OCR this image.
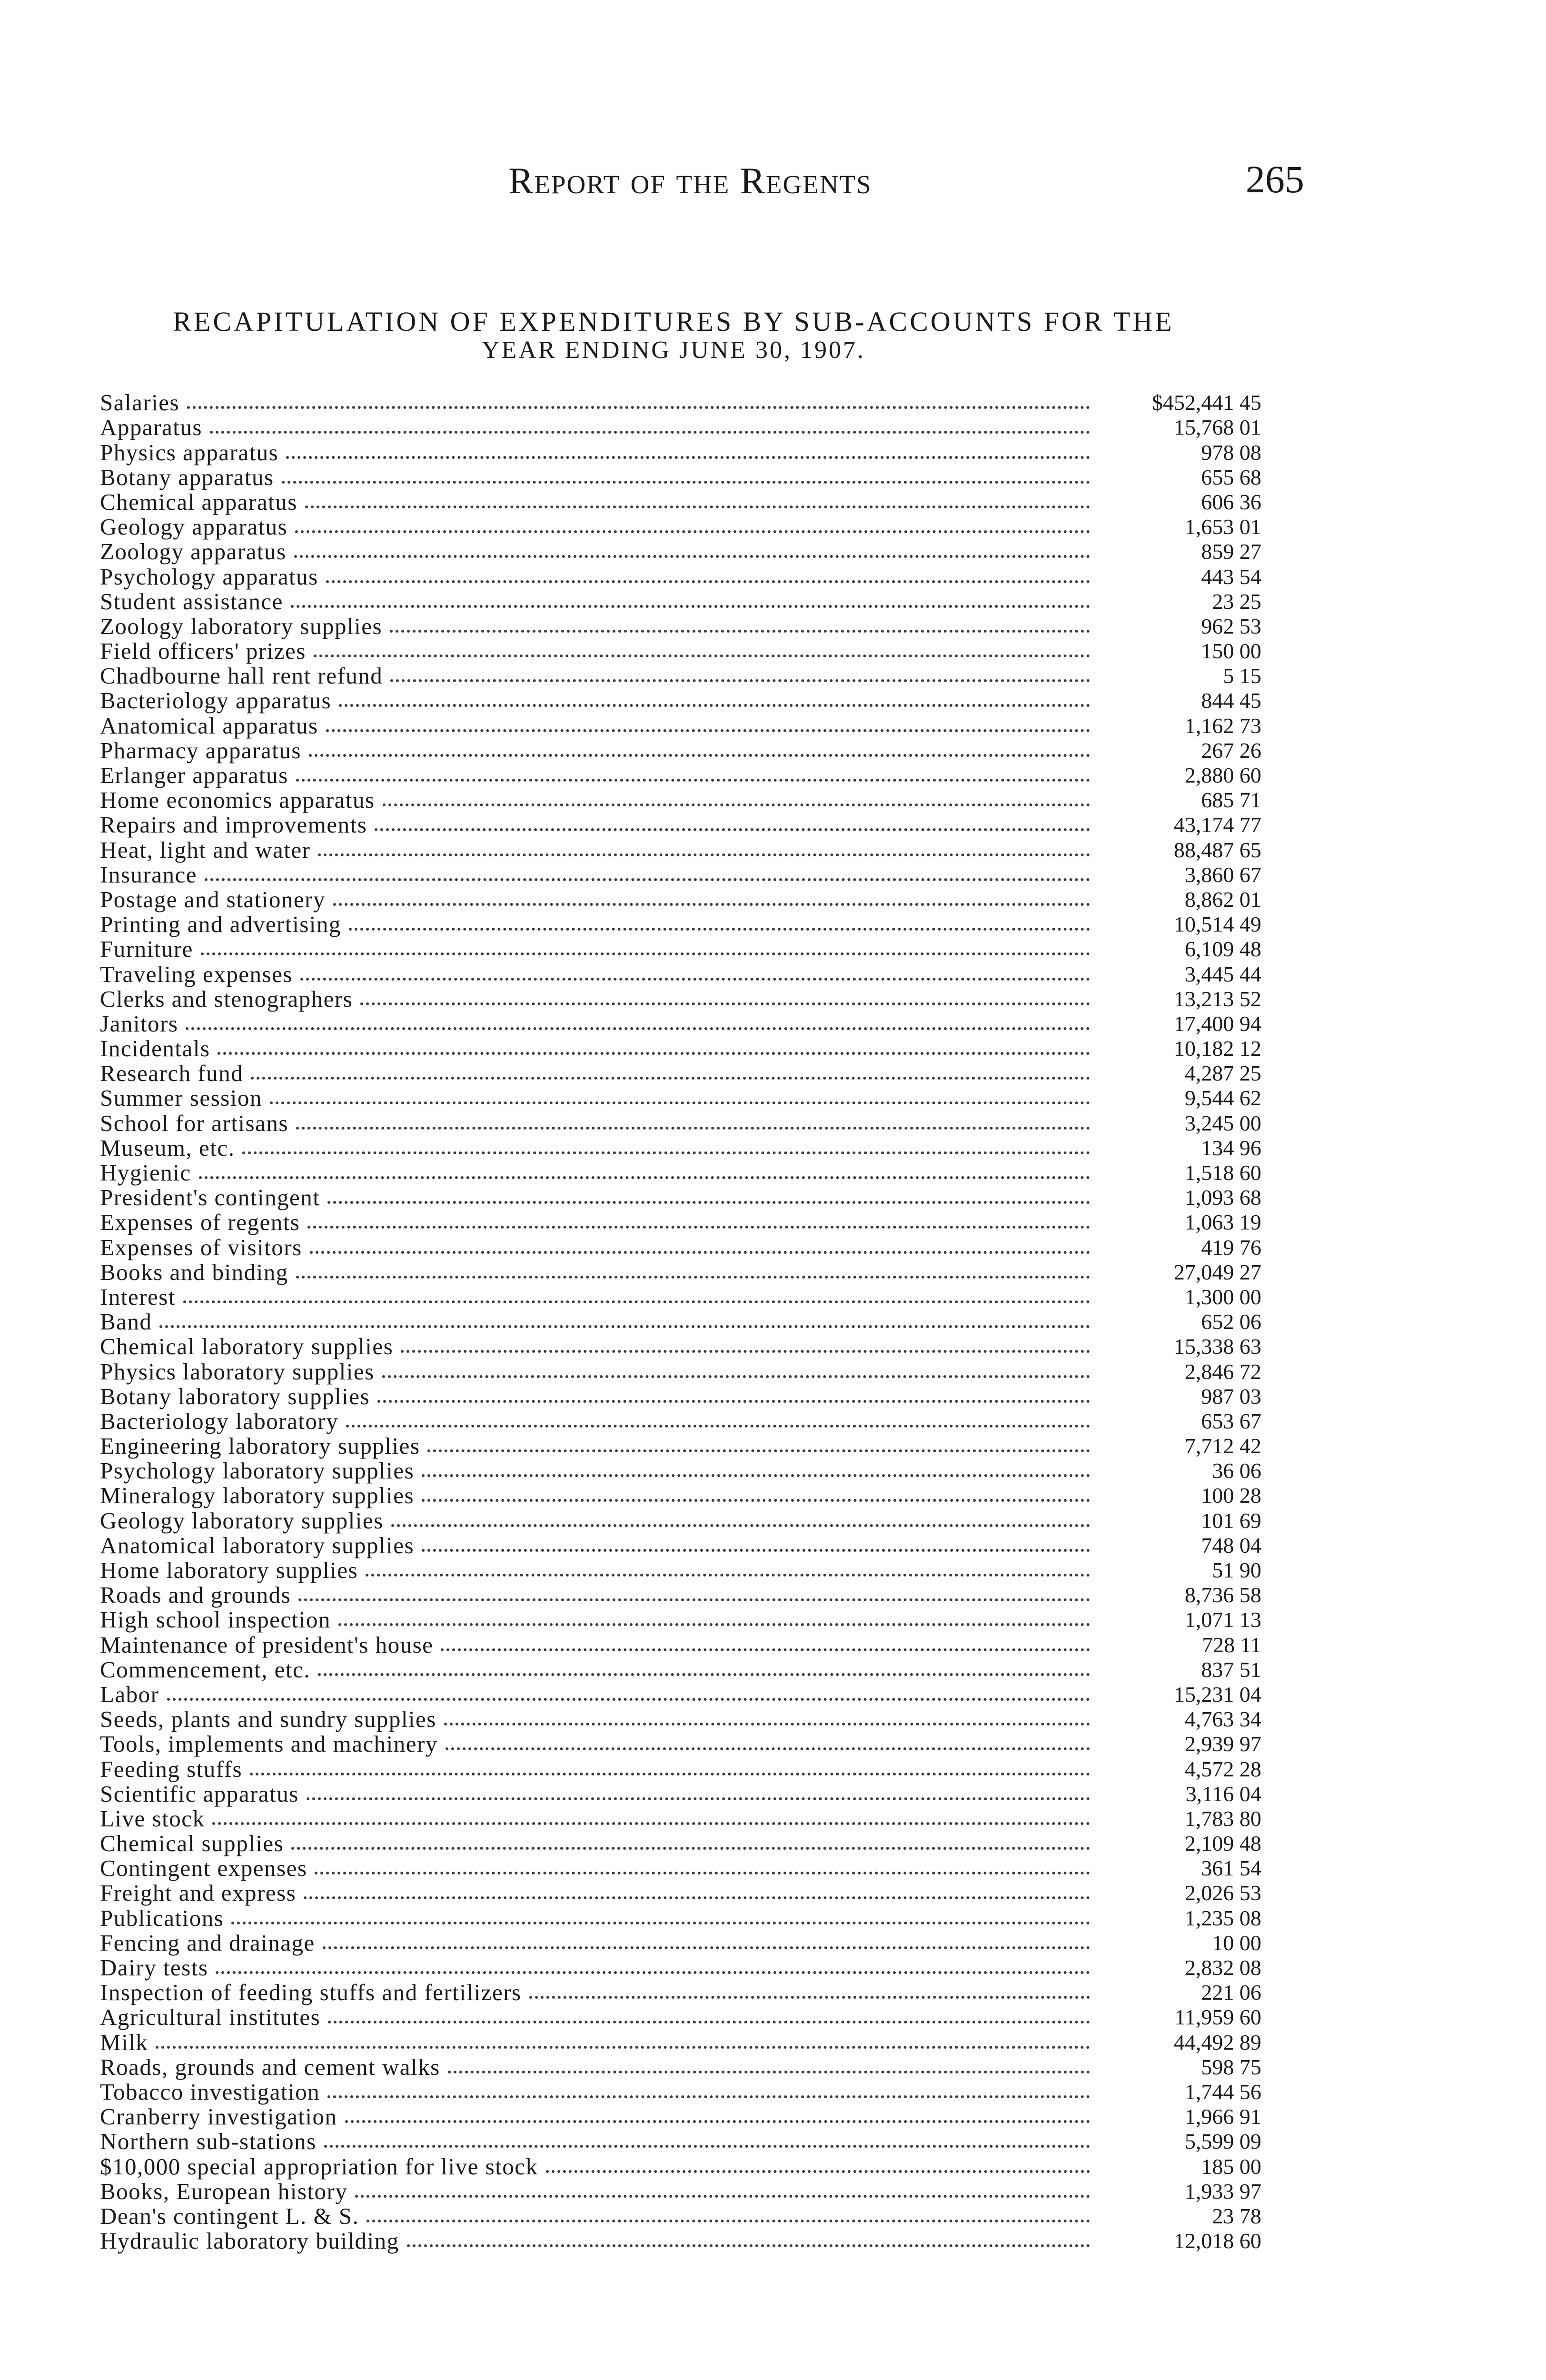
Report of the Regents	265
RECAPITULATION OF EXPENDITURES BY SUB-ACCOUNTS FOR THE
YEAR ENDING JUNE 30, 1907.
Salaries	$452,441 45
Apparatus	15,768 01
Physics apparatus	978 08
Botany apparatus	655 68
Chemical apparatus	606 36
Geology apparatus	1,653 01
Zoology apparatus	859 27
Psychology apparatus	443 54
Student assistance	23 25
Zoology laboratory supplies	962 53
Field officers' prizes	150 00
Chadbourne hall rent refund	5 15
Bacteriology apparatus	844 45
Anatomical apparatus	1,162 73
Pharmacy apparatus	267 26
Erlanger apparatus	2,880 60
Home economics apparatus	685 71
Repairs and improvements	43,174 77
Heat, light and water	88,487 65
Insurance	3,860 67
Postage and stationery	8,862 01
Printing and advertising	10,514 49
Furniture	6,109 48
Traveling expenses	3,445 44
Clerks and stenographers	13,213 52
Janitors	17,400 94
Incidentals	10,182 12
Research fund	4,287 25
Summer session	9,544 62
School for artisans	3,245 00
Museum, etc.	134 96
Hygienic	1,518 60
President's contingent	1,093 68
Expenses of regents	1,063 19
Expenses of visitors	419 76
Books and binding	27,049 27
Interest	1,300 00
Band	652 06
Chemical laboratory supplies	15,338 63
Physics laboratory supplies	2,846 72
Botany laboratory supplies	987 03
Bacteriology laboratory	653 67
Engineering laboratory supplies	7,712 42
Psychology laboratory supplies	36 06
Mineralogy laboratory supplies	100 28
Geology laboratory supplies	101 69
Anatomical laboratory supplies	748 04
Home laboratory supplies	51 90
Roads and grounds	8,736 58
High school inspection	1,071 13
Maintenance of president's house	728 11
Commencement, etc.	837 51
Labor	15,231 04
Seeds, plants and sundry supplies	4,763 34
Tools, implements and machinery	2,939 97
Feeding stuffs	4,572 28
Scientific apparatus	3,116 04
Live stock	1,783 80
Chemical supplies	2,109 48
Contingent expenses	361 54
Freight and express	2,026 53
Publications	1,235 08
Fencing and drainage	10 00
Dairy tests	2,832 08
Inspection of feeding stuffs and fertilizers	221 06
Agricultural institutes	11,959 60
Milk	44,492 89
Roads, grounds and cement walks	598 75
Tobacco investigation	1,744 56
Cranberry investigation	1,966 91
Northern sub-stations	5,599 09
$10,000 special appropriation for live stock	185 00
Books, European history	1,933 97
Dean's contingent L. & S.	23 78
Hydraulic laboratory building	12,018 60
